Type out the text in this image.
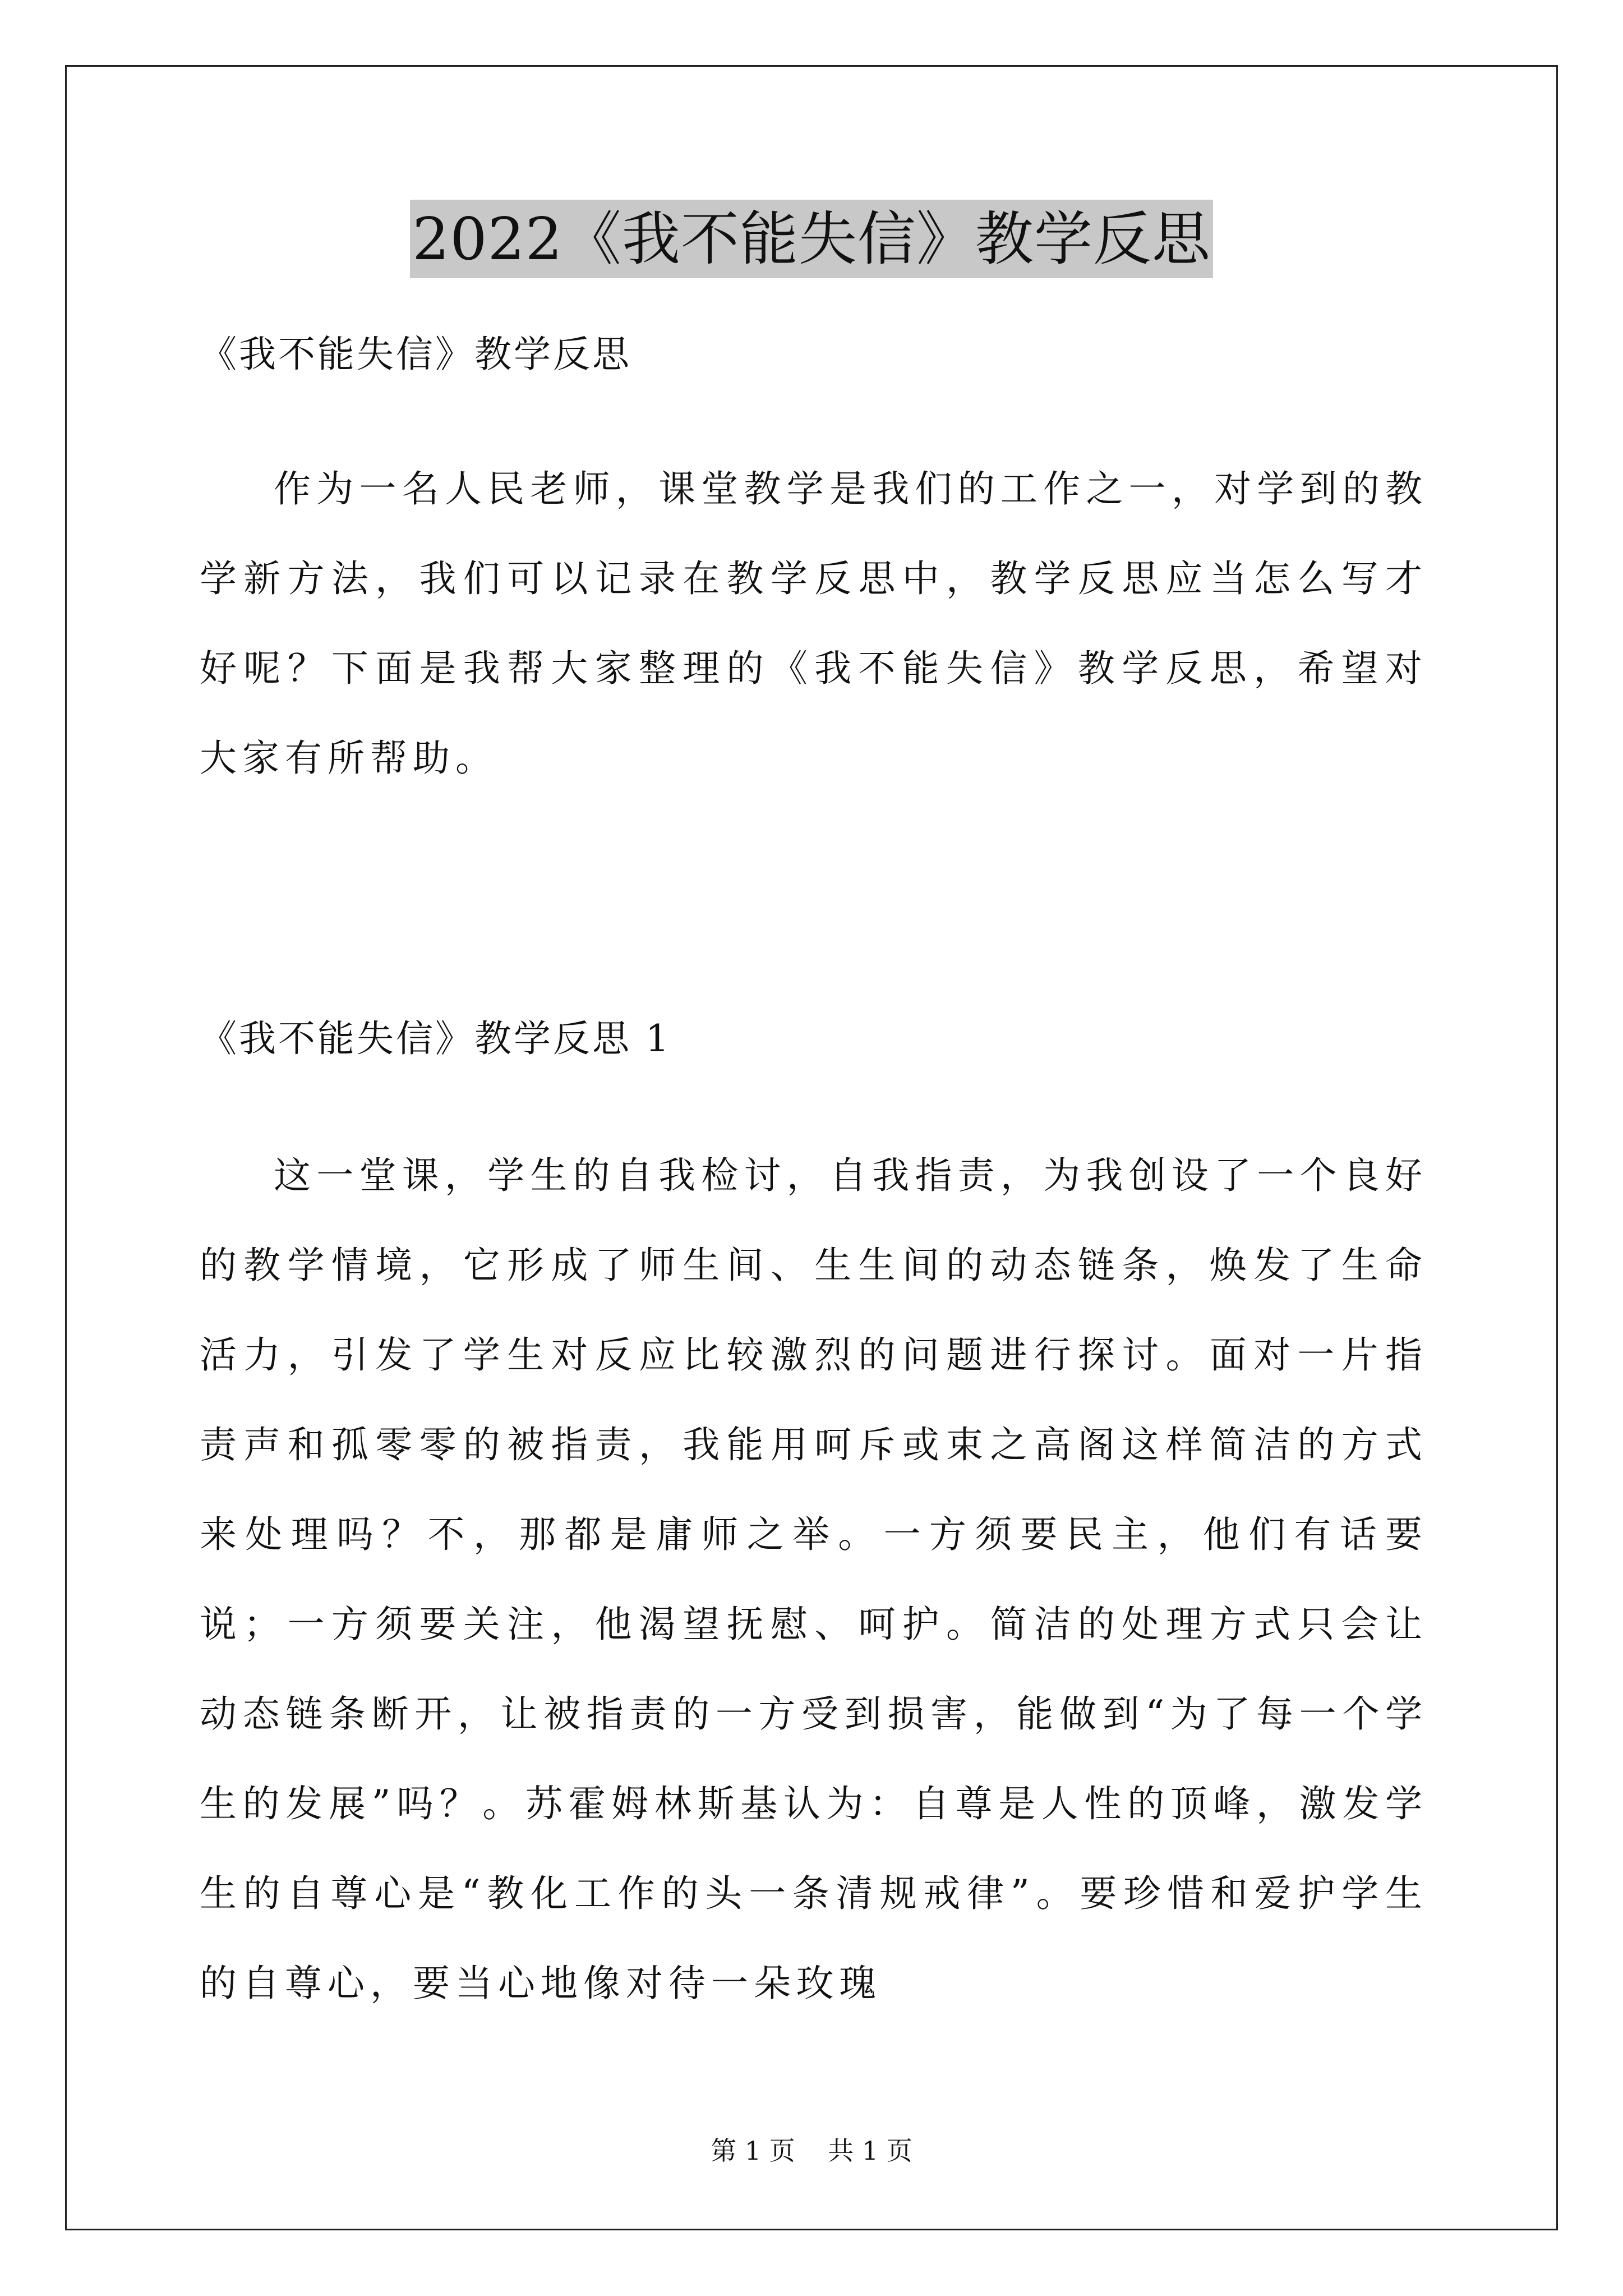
2022《我不能失信》教学反思
《我不能失信》教学反思

作为一名人民老师，课堂教学是我们的工作之一，对学到的教学新方法，我们可以记录在教学反思中，教学反思应当怎么写才好呢？下面是我帮大家整理的《我不能失信》教学反思，希望对大家有所帮助。

《我不能失信》教学反思 1

这一堂课，学生的自我检讨，自我指责，为我创设了一个良好的教学情境，它形成了师生间、生生间的动态链条，焕发了生命活力，引发了学生对反应比较激烈的问题进行探讨。面对一片指责声和孤零零的被指责，我能用呵斥或束之高阁这样简洁的方式来处理吗？不，那都是庸师之举。一方须要民主，他们有话要说；一方须要关注，他渴望抚慰、呵护。简洁的处理方式只会让动态链条断开，让被指责的一方受到损害，能做到“为了每一个学生的发展”吗？。苏霍姆林斯基认为：自尊是人性的顶峰，激发学生的自尊心是“教化工作的头一条清规戒律”。要珍惜和爱护学生的自尊心，要当心地像对待一朵玫瑰

第 1 页    共 1 页
